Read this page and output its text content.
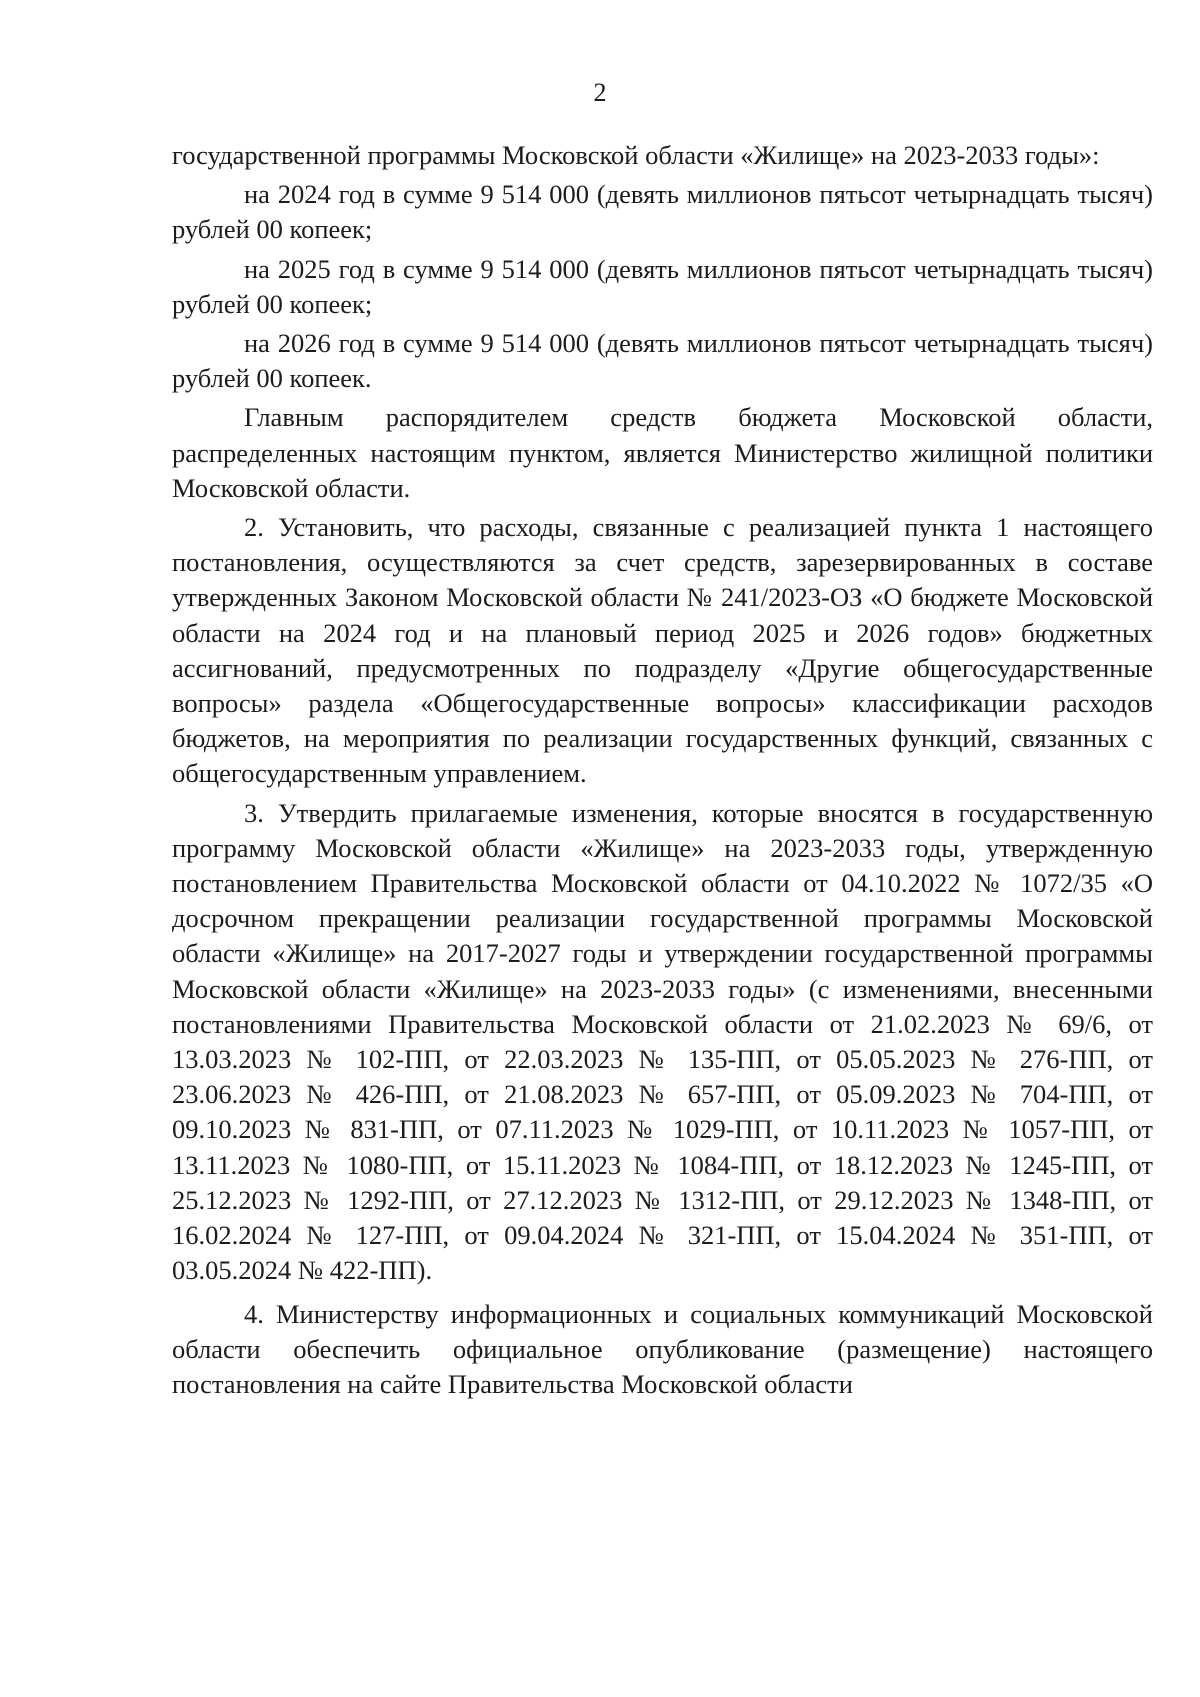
2

государственной программы Московской области «Жилище» на 2023-2033 годы»:

на 2024 год в сумме 9 514 000 (девять миллионов пятьсот четырнадцать тысяч) рублей 00 копеек;

на 2025 год в сумме 9 514 000 (девять миллионов пятьсот четырнадцать тысяч) рублей 00 копеек;

на 2026 год в сумме 9 514 000 (девять миллионов пятьсот четырнадцать тысяч) рублей 00 копеек.

Главным распорядителем средств бюджета Московской области, распределенных настоящим пунктом, является Министерство жилищной политики Московской области.

2. Установить, что расходы, связанные с реализацией пункта 1 настоящего постановления, осуществляются за счет средств, зарезервированных в составе утвержденных Законом Московской области № 241/2023-ОЗ «О бюджете Московской области на 2024 год и на плановый период 2025 и 2026 годов» бюджетных ассигнований, предусмотренных по подразделу «Другие общегосударственные вопросы» раздела «Общегосударственные вопросы» классификации расходов бюджетов, на мероприятия по реализации государственных функций, связанных с общегосударственным управлением.

3. Утвердить прилагаемые изменения, которые вносятся в государственную программу Московской области «Жилище» на 2023-2033 годы, утвержденную постановлением Правительства Московской области от 04.10.2022 № 1072/35 «О досрочном прекращении реализации государственной программы Московской области «Жилище» на 2017-2027 годы и утверждении государственной программы Московской области «Жилище» на 2023-2033 годы» (с изменениями, внесенными постановлениями Правительства Московской области от 21.02.2023 № 69/6, от 13.03.2023 № 102-ПП, от 22.03.2023 № 135-ПП, от 05.05.2023 № 276-ПП, от 23.06.2023 № 426-ПП, от 21.08.2023 № 657-ПП, от 05.09.2023 № 704-ПП, от 09.10.2023 № 831-ПП, от 07.11.2023 № 1029-ПП, от 10.11.2023 № 1057-ПП, от 13.11.2023 № 1080-ПП, от 15.11.2023 № 1084-ПП, от 18.12.2023 № 1245-ПП, от 25.12.2023 № 1292-ПП, от 27.12.2023 № 1312-ПП, от 29.12.2023 № 1348-ПП, от 16.02.2024 № 127-ПП, от 09.04.2024 № 321-ПП, от 15.04.2024 № 351-ПП, от 03.05.2024 № 422-ПП).

4. Министерству информационных и социальных коммуникаций Московской области обеспечить официальное опубликование (размещение) настоящего постановления на сайте Правительства Московской области
